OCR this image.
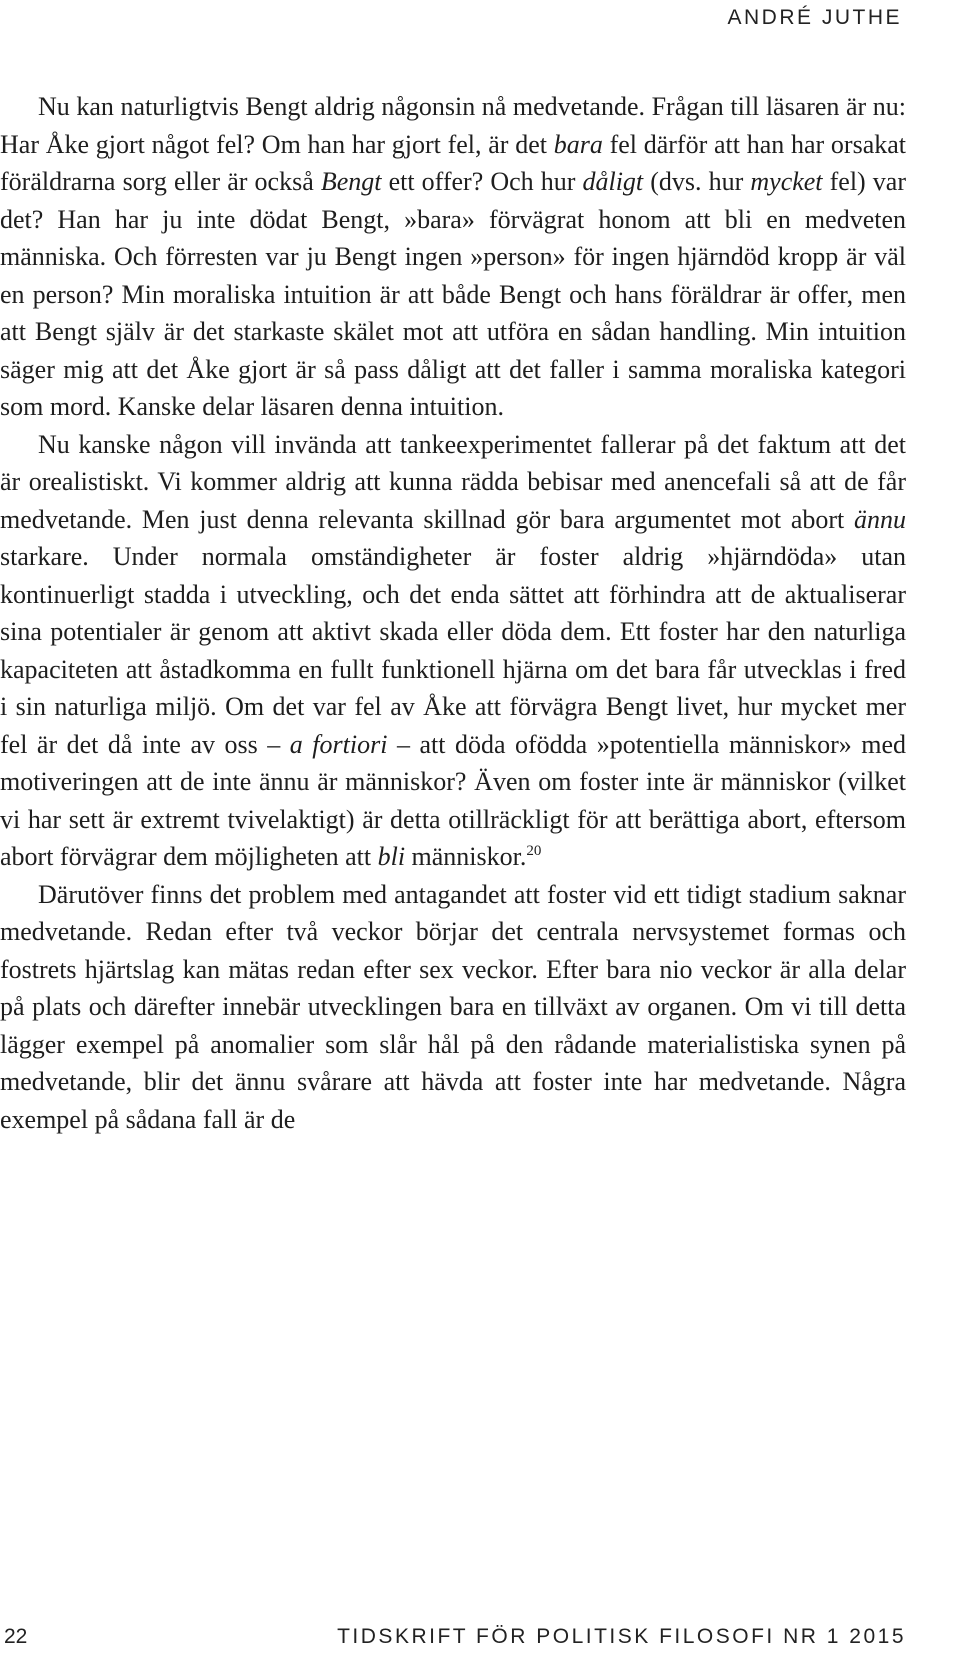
ANDRÉ JUTHE

Nu kan naturligtvis Bengt aldrig någonsin nå medvetande. Frågan till läsaren är nu: Har Åke gjort något fel? Om han har gjort fel, är det bara fel därför att han har orsakat föräldrarna sorg eller är också Bengt ett offer? Och hur dåligt (dvs. hur mycket fel) var det? Han har ju inte dödat Bengt, »bara» förvägrat honom att bli en medveten människa. Och förresten var ju Bengt ingen »person» för ingen hjärndöd kropp är väl en person? Min moraliska intuition är att både Bengt och hans föräldrar är offer, men att Bengt själv är det starkaste skälet mot att utföra en sådan handling. Min intuition säger mig att det Åke gjort är så pass dåligt att det faller i samma moraliska kategori som mord. Kanske delar läsaren denna intuition.

Nu kanske någon vill invända att tankeexperimentet fallerar på det faktum att det är orealistiskt. Vi kommer aldrig att kunna rädda bebisar med anencefali så att de får medvetande. Men just denna relevanta skillnad gör bara argumentet mot abort ännu starkare. Under normala omständigheter är foster aldrig »hjärndöda» utan kontinuerligt stadda i utveckling, och det enda sättet att förhindra att de aktualiserar sina potentialer är genom att aktivt skada eller döda dem. Ett foster har den naturliga kapaciteten att åstadkomma en fullt funktionell hjärna om det bara får utvecklas i fred i sin naturliga miljö. Om det var fel av Åke att förvägra Bengt livet, hur mycket mer fel är det då inte av oss – a fortiori – att döda ofödda »potentiella människor» med motiveringen att de inte ännu är människor? Även om foster inte är människor (vilket vi har sett är extremt tvivelaktigt) är detta otillräckligt för att berättiga abort, eftersom abort förvägrar dem möjligheten att bli människor.$^{20}$

Därutöver finns det problem med antagandet att foster vid ett tidigt stadium saknar medvetande. Redan efter två veckor börjar det centrala nervsystemet formas och fostrets hjärtslag kan mätas redan efter sex veckor. Efter bara nio veckor är alla delar på plats och därefter innebär utvecklingen bara en tillväxt av organen. Om vi till detta lägger exempel på anomalier som slår hål på den rådande materialistiska synen på medvetande, blir det ännu svårare att hävda att foster inte har medvetande. Några exempel på sådana fall är de

22	TIDSKRIFT FÖR POLITISK FILOSOFI NR 1 2015
